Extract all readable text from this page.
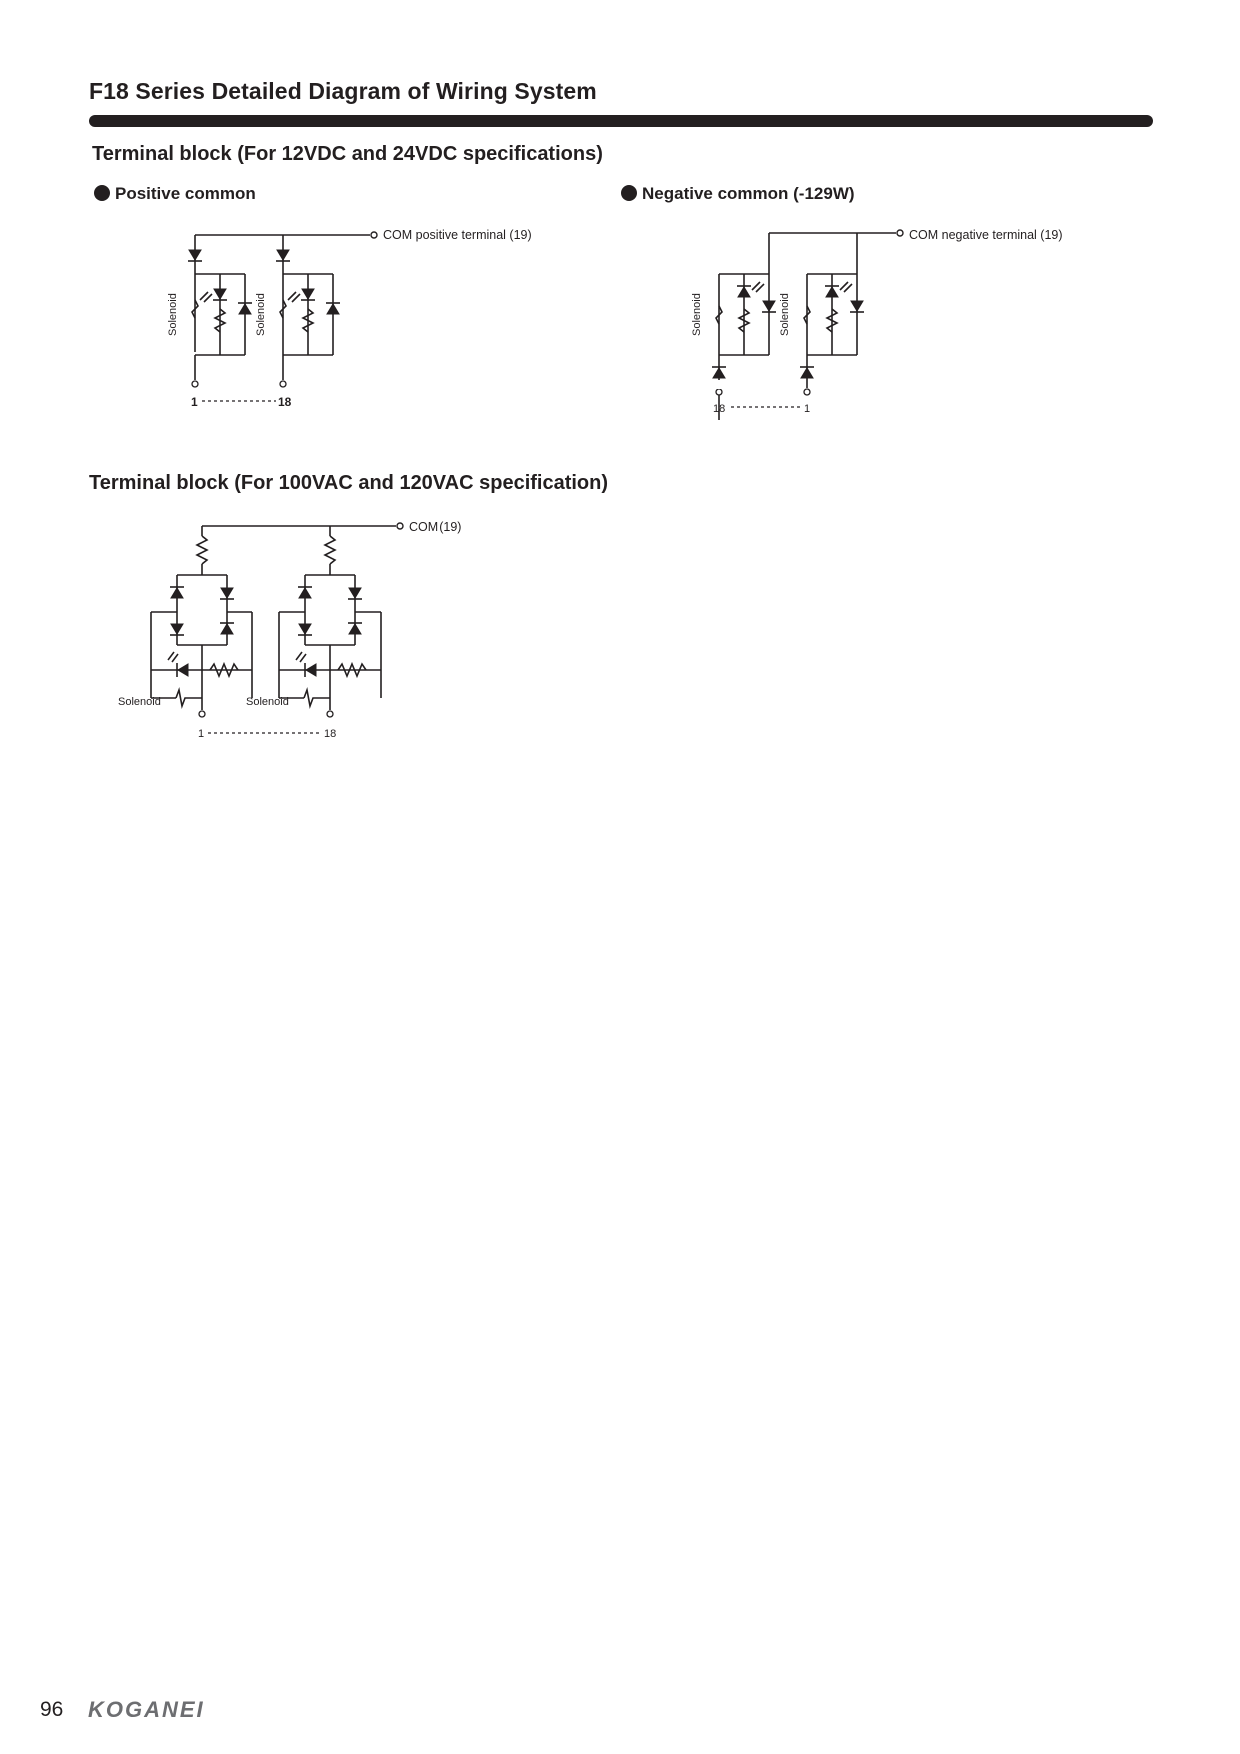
F18 Series Detailed Diagram of Wiring System
Terminal block (For 12VDC and 24VDC specifications)
Positive common	Negative common (-129W)
Solenoid	Solenoid
1	18
COM positive terminal (19)
Solenoid	Solenoid
18	1
COM negative terminal (19)
Terminal block (For 100VAC and 120VAC specification)
Solenoid	Solenoid
1	18
COM (19)
96 KOGANEI
